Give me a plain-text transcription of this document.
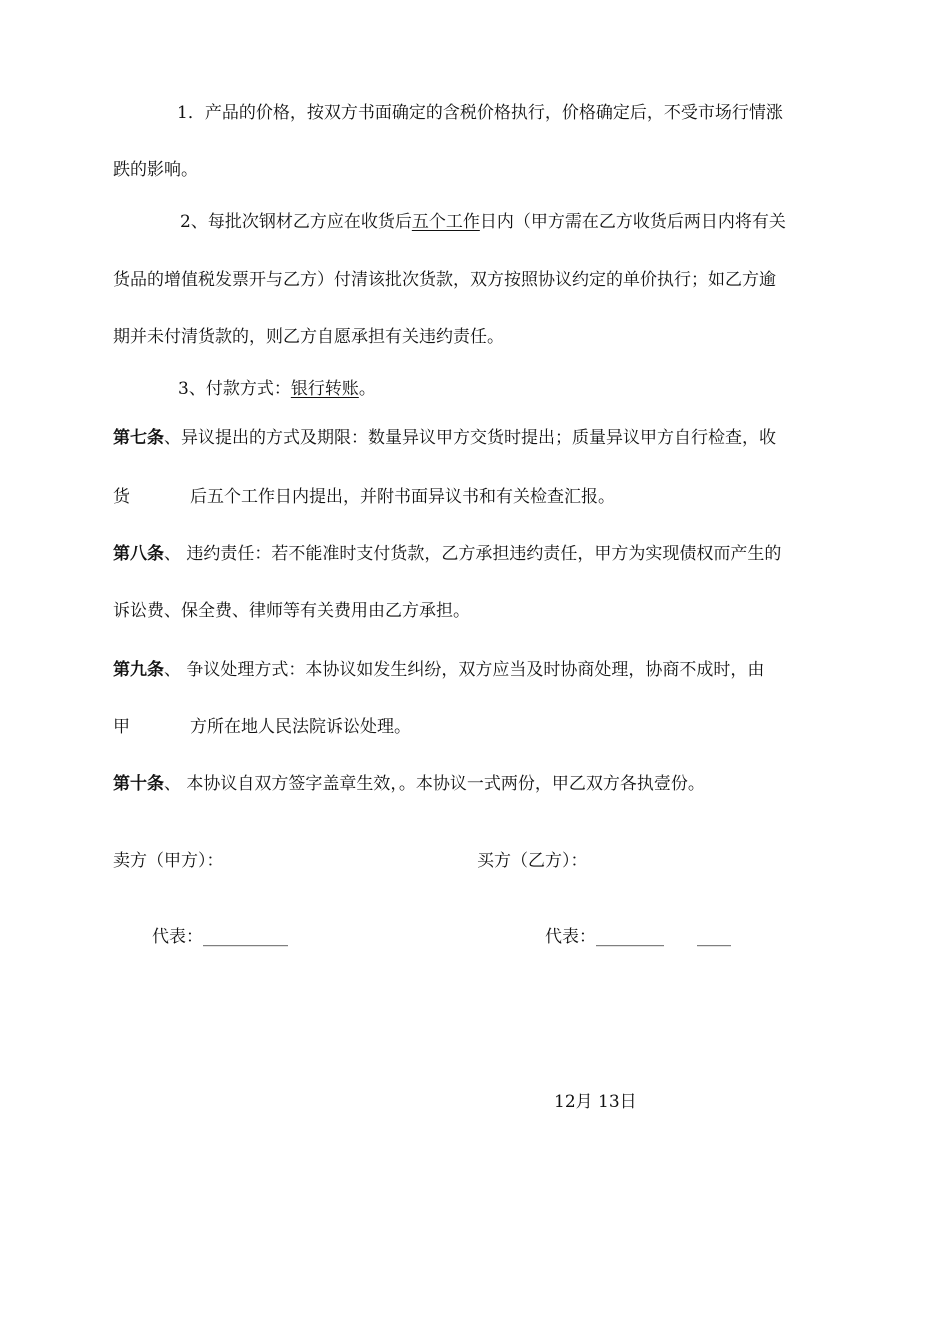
1．产品的价格，按双方书面确定的含税价格执行，价格确定后，不受市场行情涨
跌的影响。
2、每批次钢材乙方应在收货后五个工作日内（甲方需在乙方收货后两日内将有关
货品的增值税发票开与乙方）付清该批次货款，双方按照协议约定的单价执行；如乙方逾
期并未付清货款的，则乙方自愿承担有关违约责任。
3、付款方式：银行转账。
第七条、异议提出的方式及期限：数量异议甲方交货时提出；质量异议甲方自行检查，收
货	后五个工作日内提出，并附书面异议书和有关检查汇报。
第八条、 违约责任：若不能准时支付货款，乙方承担违约责任，甲方为实现债权而产生的
诉讼费、保全费、律师等有关费用由乙方承担。
第九条、 争议处理方式：本协议如发生纠纷，双方应当及时协商处理，协商不成时，由
甲	方所在地人民法院诉讼处理。
第十条、 本协议自双方签字盖章生效，。本协议一式两份，甲乙双方各执壹份。
卖方（甲方）：	买方（乙方）：
代表：__________	代表：________ ____
12月 13日
